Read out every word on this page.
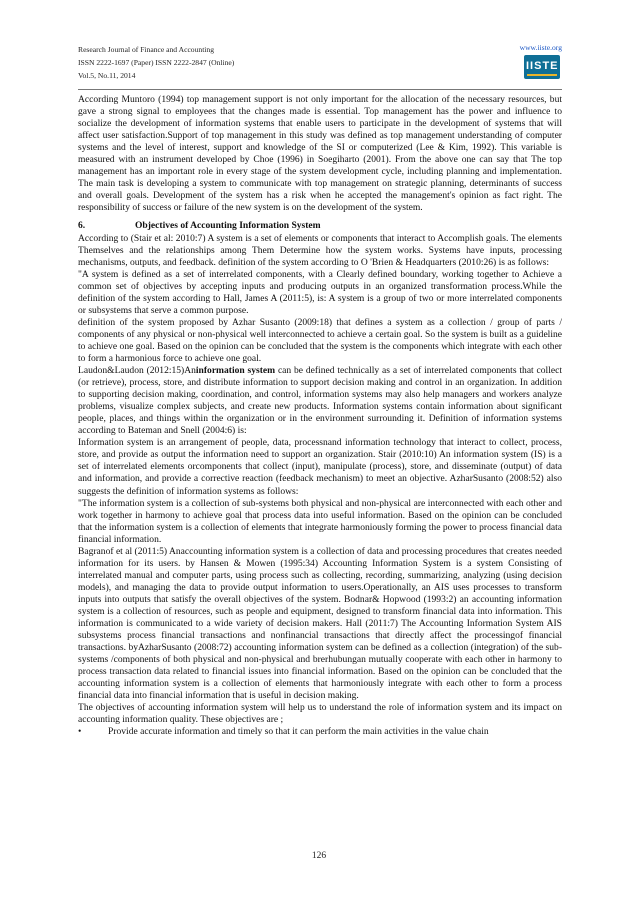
Research Journal of Finance and Accounting
ISSN 2222-1697 (Paper) ISSN 2222-2847 (Online)
Vol.5, No.11, 2014
www.iiste.org
IISTE

According Muntoro (1994) top management support is not only important for the allocation of the necessary resources, but gave a strong signal to employees that the changes made is essential. Top management has the power and influence to socialize the development of information systems that enable users to participate in the development of systems that will affect user satisfaction.Support of top management in this study was defined as top management understanding of computer systems and the level of interest, support and knowledge of the SI or computerized (Lee & Kim, 1992). This variable is measured with an instrument developed by Choe (1996) in Soegiharto (2001). From the above one can say that The top management has an important role in every stage of the system development cycle, including planning and implementation. The main task is developing a system to communicate with top management on strategic planning, determinants of success and overall goals. Development of the system has a risk when he accepted the management's opinion as fact right. The responsibility of success or failure of the new system is on the development of the system.

6.	Objectives of Accounting Information System

According to (Stair et al: 2010:7) A system is a set of elements or components that interact to Accomplish goals. The elements Themselves and the relationships among Them Determine how the system works. Systems have inputs, processing mechanisms, outputs, and feedback. definition of the system according to O 'Brien & Headquarters (2010:26) is as follows:

"A system is defined as a set of interrelated components, with a Clearly defined boundary, working together to Achieve a common set of objectives by accepting inputs and producing outputs in an organized transformation process.While the definition of the system according to Hall, James A (2011:5), is: A system is a group of two or more interrelated components or subsystems that serve a common purpose.

definition of the system proposed by Azhar Susanto (2009:18) that defines a system as a collection / group of parts / components of any physical or non-physical well interconnected to achieve a certain goal. So the system is built as a guideline to achieve one goal. Based on the opinion can be concluded that the system is the components which integrate with each other to form a harmonious force to achieve one goal.

Laudon&Laudon (2012:15)Aninformation system can be defined technically as a set of interrelated components that collect (or retrieve), process, store, and distribute information to support decision making and control in an organization. In addition to supporting decision making, coordination, and control, information systems may also help managers and workers analyze problems, visualize complex subjects, and create new products. Information systems contain information about significant people, places, and things within the organization or in the environment surrounding it. Definition of information systems according to Bateman and Snell (2004:6) is:

Information system is an arrangement of people, data, processnand information technology that interact to collect, process, store, and provide as output the information need to support an organization. Stair (2010:10) An information system (IS) is a set of interrelated elements orcomponents that collect (input), manipulate (process), store, and disseminate (output) of data and information, and provide a corrective reaction (feedback mechanism) to meet an objective. AzharSusanto (2008:52) also suggests the definition of information systems as follows:

"The information system is a collection of sub-systems both physical and non-physical are interconnected with each other and work together in harmony to achieve goal that process data into useful information. Based on the opinion can be concluded that the information system is a collection of elements that integrate harmoniously forming the power to process financial data financial information.

Bagranof et al (2011:5) Anaccounting information system is a collection of data and processing procedures that creates needed information for its users. by Hansen & Mowen (1995:34) Accounting Information System is a system Consisting of interrelated manual and computer parts, using process such as collecting, recording, summarizing, analyzing (using decision models), and managing the data to provide output information to users.Operationally, an AIS uses processes to transform inputs into outputs that satisfy the overall objectives of the system. Bodnar& Hopwood (1993:2) an accounting information system is a collection of resources, such as people and equipment, designed to transform financial data into information. This information is communicated to a wide variety of decision makers. Hall (2011:7) The Accounting Information System AIS subsystems process financial transactions and nonfinancial transactions that directly affect the processingof financial transactions. byAzharSusanto (2008:72) accounting information system can be defined as a collection (integration) of the sub-systems /components of both physical and non-physical and brerhubungan mutually cooperate with each other in harmony to process transaction data related to financial issues into financial information. Based on the opinion can be concluded that the accounting information system is a collection of elements that harmoniously integrate with each other to form a process financial data into financial information that is useful in decision making.

The objectives of accounting information system will help us to understand the role of information system and its impact on accounting information quality. These objectives are ;

•	Provide accurate information and timely so that it can perform the main activities in the value chain

126
